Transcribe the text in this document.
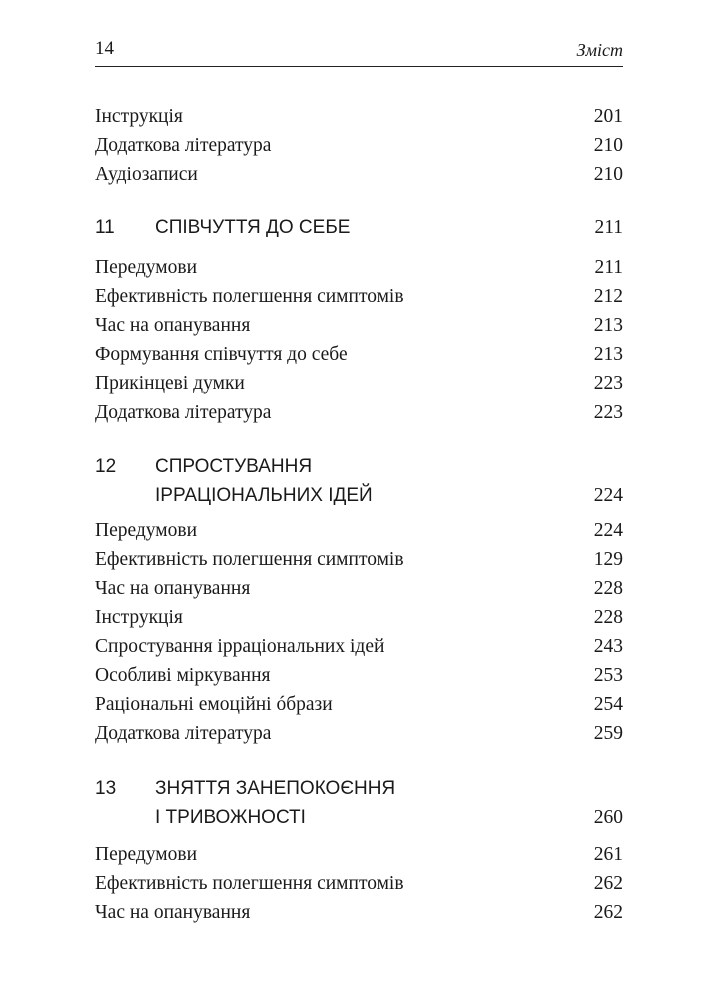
14	Зміст
Інструкція	201
Додаткова література	210
Аудіозаписи	210
11 СПІВЧУТТЯ ДО СЕБЕ	211
Передумови	211
Ефективність полегшення симптомів	212
Час на опанування	213
Формування співчуття до себе	213
Прикінцеві думки	223
Додаткова література	223
12 СПРОСТУВАННЯ
ІРРАЦІОНАЛЬНИХ ІДЕЙ	224
Передумови	224
Ефективність полегшення симптомів	129
Час на опанування	228
Інструкція	228
Спростування ірраціональних ідей	243
Особливі міркування	253
Раціональні емоційні óбрази	254
Додаткова література	259
13 ЗНЯТТЯ ЗАНЕПОКОЄННЯ
І ТРИВОЖНОСТІ	260
Передумови	261
Ефективність полегшення симптомів	262
Час на опанування	262
